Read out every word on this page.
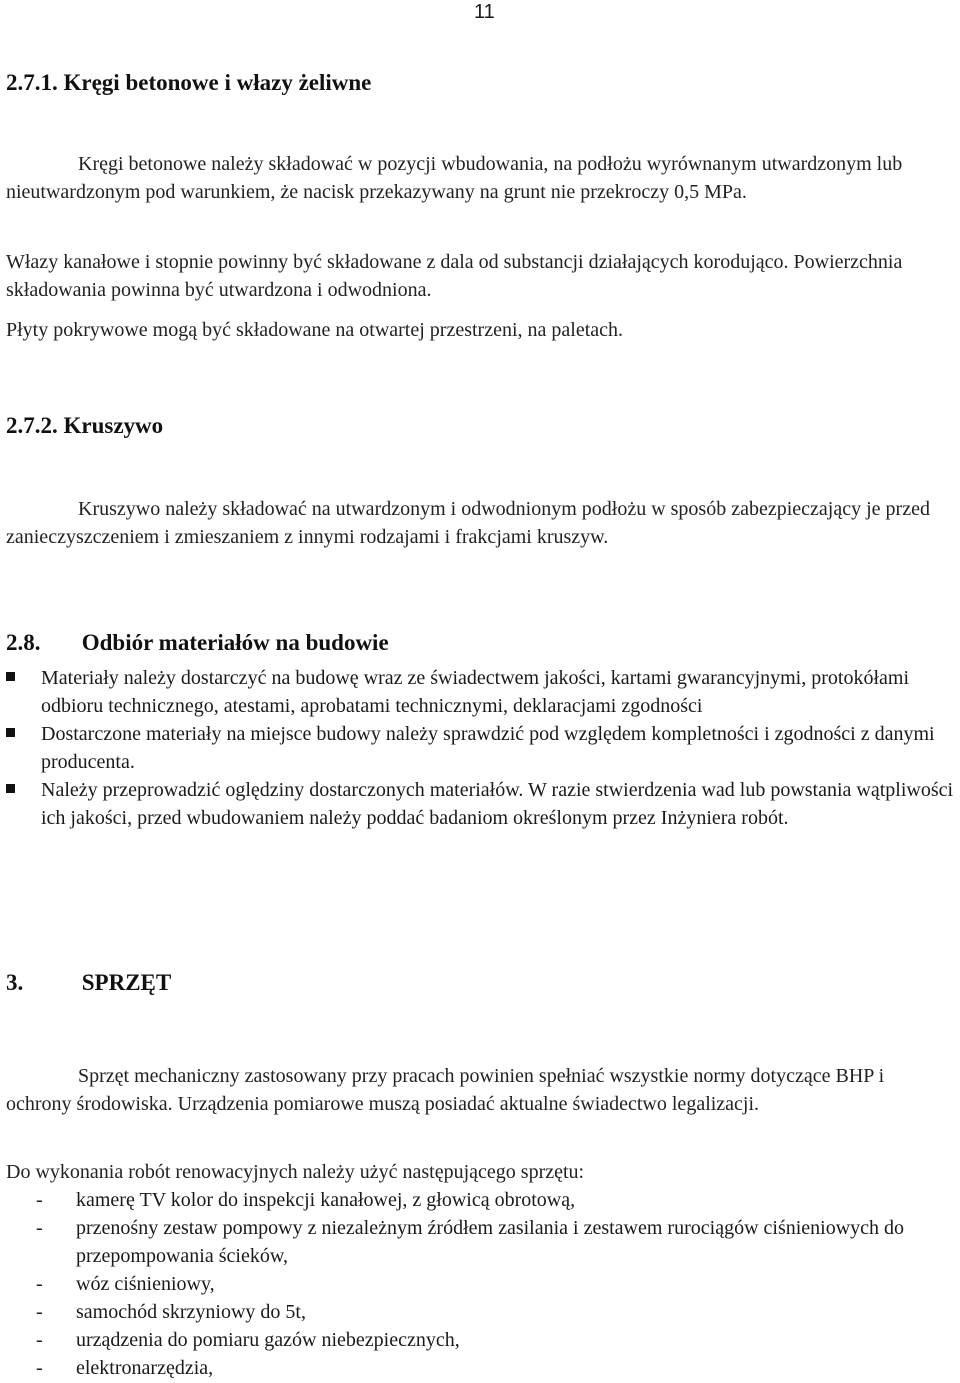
11
2.7.1. Kręgi betonowe i włazy żeliwne
Kręgi betonowe należy składować w pozycji wbudowania, na podłożu wyrównanym utwardzonym lub nieutwardzonym pod warunkiem, że nacisk przekazywany na grunt nie przekroczy 0,5 MPa.
Włazy kanałowe i stopnie powinny być składowane z dala od substancji działających korodująco. Powierzchnia składowania powinna być utwardzona i odwodniona.
Płyty pokrywowe mogą być składowane na otwartej przestrzeni, na paletach.
2.7.2. Kruszywo
Kruszywo należy składować na utwardzonym i odwodnionym podłożu w sposób zabezpieczający je przed zanieczyszczeniem i zmieszaniem z innymi rodzajami i frakcjami kruszyw.
2.8. Odbiór materiałów na budowie
Materiały należy dostarczyć na budowę wraz ze świadectwem jakości, kartami gwarancyjnymi, protokółami odbioru technicznego, atestami, aprobatami technicznymi, deklaracjami zgodności
Dostarczone materiały na miejsce budowy należy sprawdzić pod względem kompletności i zgodności z danymi producenta.
Należy przeprowadzić oględziny dostarczonych materiałów. W razie stwierdzenia wad lub powstania wątpliwości ich jakości, przed wbudowaniem należy poddać badaniom określonym przez Inżyniera robót.
3.	SPRZĘT
Sprzęt mechaniczny zastosowany przy pracach powinien spełniać wszystkie normy dotyczące BHP i ochrony środowiska. Urządzenia pomiarowe muszą posiadać aktualne świadectwo legalizacji.
Do wykonania robót renowacyjnych należy użyć następującego sprzętu:
- kamerę TV kolor do inspekcji kanałowej, z głowicą obrotową,
- przenośny zestaw pompowy z niezależnym źródłem zasilania i zestawem rurociągów ciśnieniowych do przepompowania ścieków,
- wóz ciśnieniowy,
- samochód skrzyniowy do 5t,
- urządzenia do pomiaru gazów niebezpiecznych,
- elektronarzędzia,
